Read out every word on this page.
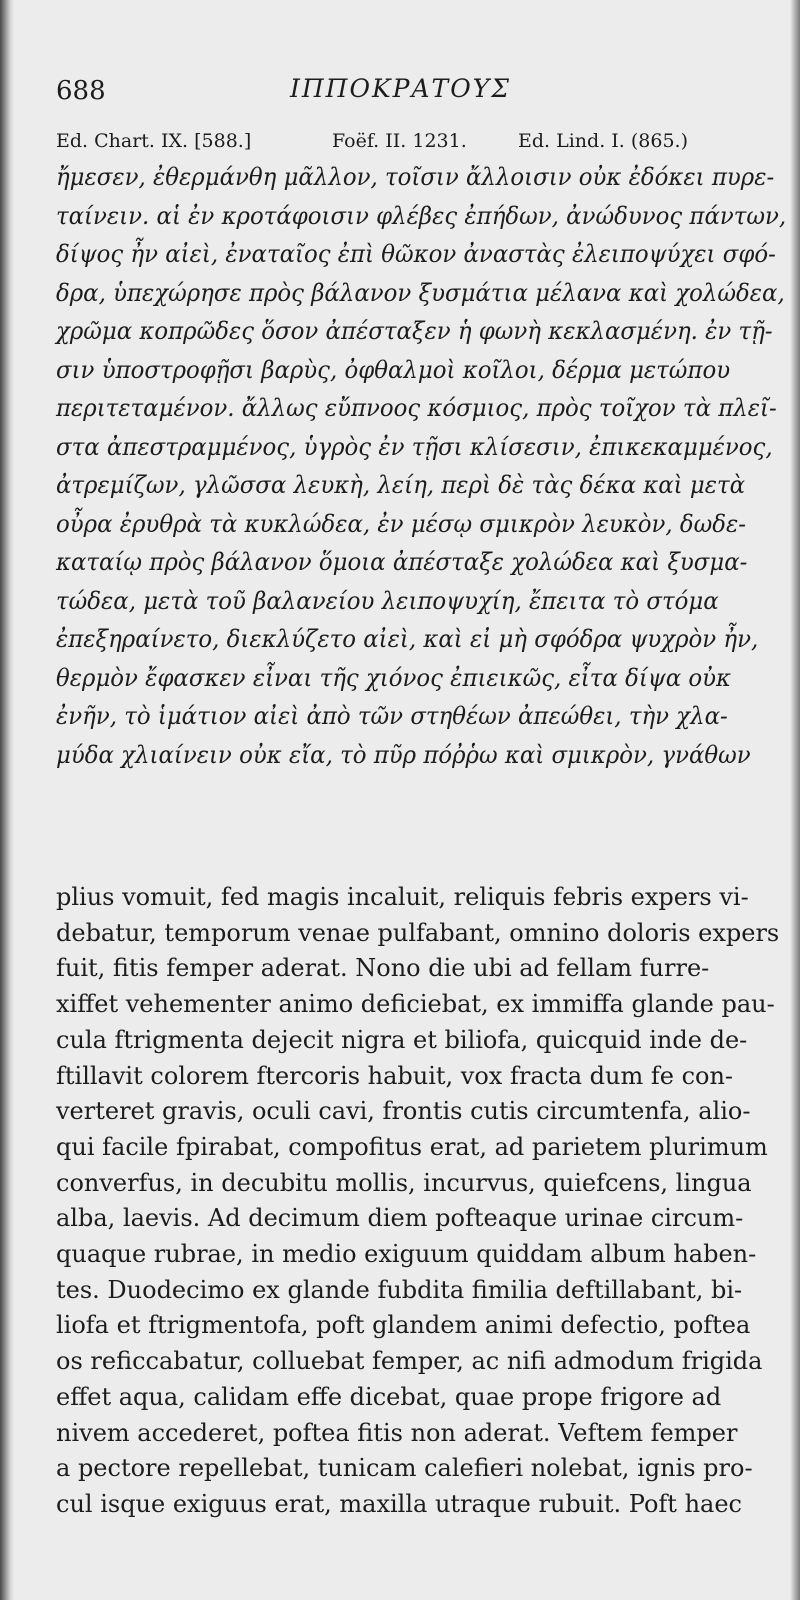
688	ΙΠΠΟΚΡΑΤΟΥΣ
Ed. Chart. IX. [588.]	Foëf. II. 1231.	Ed. Lind. I. (865.)
ἤμεσεν, ἐθερμάνθη μᾶλλον, τοῖσιν ἄλλοισιν οὐκ ἐδόκει πυρε-
ταίνειν. αἱ ἐν κροτάφοισιν φλέβες ἐπήδων, ἀνώδυνος πάντων,
δίψος ἦν αἰεὶ, ἐναταῖος ἐπὶ θῶκον ἀναστὰς ἐλειποψύχει σφό-
δρα, ὑπεχώρησε πρὸς βάλανον ξυσμάτια μέλανα καὶ χολώδεα,
χρῶμα κοπρῶδες ὅσον ἀπέσταξεν ἡ φωνὴ κεκλασμένη. ἐν τῇ-
σιν ὑποστροφῇσι βαρὺς, ὀφθαλμοὶ κοῖλοι, δέρμα μετώπου
περιτεταμένον. ἄλλως εὔπνοος κόσμιος, πρὸς τοῖχον τὰ πλεῖ-
στα ἀπεστραμμένος, ὑγρὸς ἐν τῇσι κλίσεσιν, ἐπικεκαμμένος,
ἀτρεμίζων, γλῶσσα λευκὴ, λείη, περὶ δὲ τὰς δέκα καὶ μετὰ
οὖρα ἐρυθρὰ τὰ κυκλώδεα, ἐν μέσῳ σμικρὸν λευκὸν, δωδε-
καταίῳ πρὸς βάλανον ὅμοια ἀπέσταξε χολώδεα καὶ ξυσμα-
τώδεα, μετὰ τοῦ βαλανείου λειποψυχίη, ἔπειτα τὸ στόμα
ἐπεξηραίνετο, διεκλύζετο αἰεὶ, καὶ εἰ μὴ σφόδρα ψυχρὸν ἦν,
θερμὸν ἔφασκεν εἶναι τῆς χιόνος ἐπιεικῶς, εἶτα δίψα οὐκ
ἐνῆν, τὸ ἱμάτιον αἰεὶ ἀπὸ τῶν στηθέων ἀπεώθει, τὴν χλα-
μύδα χλιαίνειν οὐκ εἴα, τὸ πῦρ πόῤῥω καὶ σμικρὸν, γνάθων
plius vomuit, fed magis incaluit, reliquis febris expers vi-
debatur, temporum venae pulfabant, omnino doloris expers
fuit, fitis femper aderat. Nono die ubi ad fellam furre-
xiffet vehementer animo deficiebat, ex immiffa glande pau-
cula ftrigmenta dejecit nigra et biliofa, quicquid inde de-
ftillavit colorem ftercoris habuit, vox fracta dum fe con-
verteret gravis, oculi cavi, frontis cutis circumtenfa, alio-
qui facile fpirabat, compofitus erat, ad parietem plurimum
converfus, in decubitu mollis, incurvus, quiefcens, lingua
alba, laevis. Ad decimum diem pofteaque urinae circum-
quaque rubrae, in medio exiguum quiddam album haben-
tes. Duodecimo ex glande fubdita fimilia deftillabant, bi-
liofa et ftrigmentofa, poft glandem animi defectio, poftea
os reficcabatur, colluebat femper, ac nifi admodum frigida
effet aqua, calidam effe dicebat, quae prope frigore ad
nivem accederet, poftea fitis non aderat. Veftem femper
a pectore repellebat, tunicam calefieri nolebat, ignis pro-
cul isque exiguus erat, maxilla utraque rubuit. Poft haec
